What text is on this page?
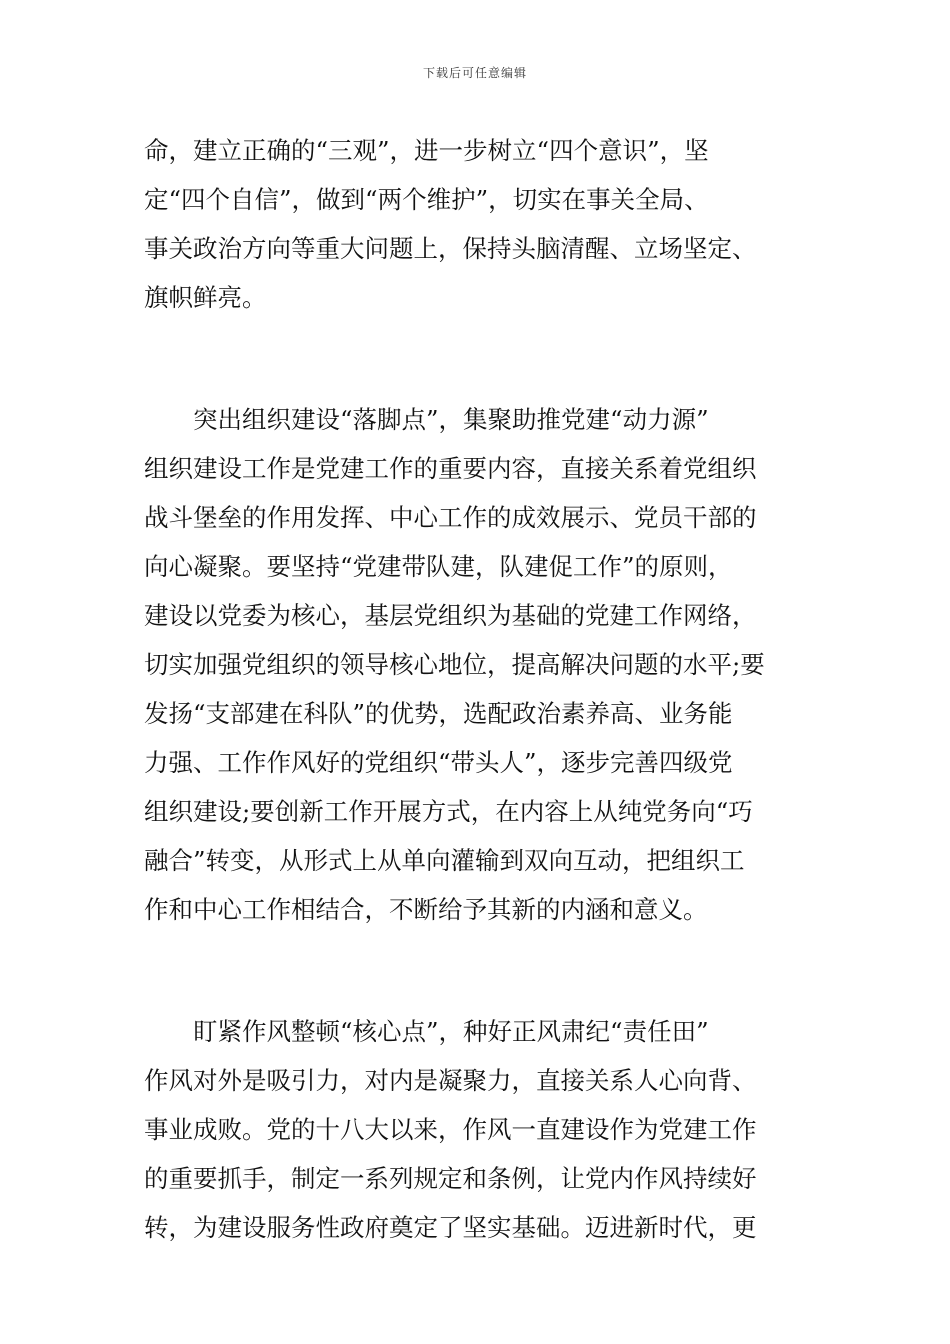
下载后可任意编辑

命，建立正确的“三观”，进一步树立“四个意识”，坚
定“四个自信”，做到“两个维护”，切实在事关全局、
事关政治方向等重大问题上，保持头脑清醒、立场坚定、
旗帜鲜亮。

突出组织建设“落脚点”，集聚助推党建“动力源”
组织建设工作是党建工作的重要内容，直接关系着党组织
战斗堡垒的作用发挥、中心工作的成效展示、党员干部的
向心凝聚。要坚持“党建带队建，队建促工作”的原则，
建设以党委为核心，基层党组织为基础的党建工作网络，
切实加强党组织的领导核心地位，提高解决问题的水平;要
发扬“支部建在科队”的优势，选配政治素养高、业务能
力强、工作作风好的党组织“带头人”，逐步完善四级党
组织建设;要创新工作开展方式，在内容上从纯党务向“巧
融合”转变，从形式上从单向灌输到双向互动，把组织工
作和中心工作相结合，不断给予其新的内涵和意义。

盯紧作风整顿“核心点”，种好正风肃纪“责任田”
作风对外是吸引力，对内是凝聚力，直接关系人心向背、
事业成败。党的十八大以来，作风一直建设作为党建工作
的重要抓手，制定一系列规定和条例，让党内作风持续好
转，为建设服务性政府奠定了坚实基础。迈进新时代，更
